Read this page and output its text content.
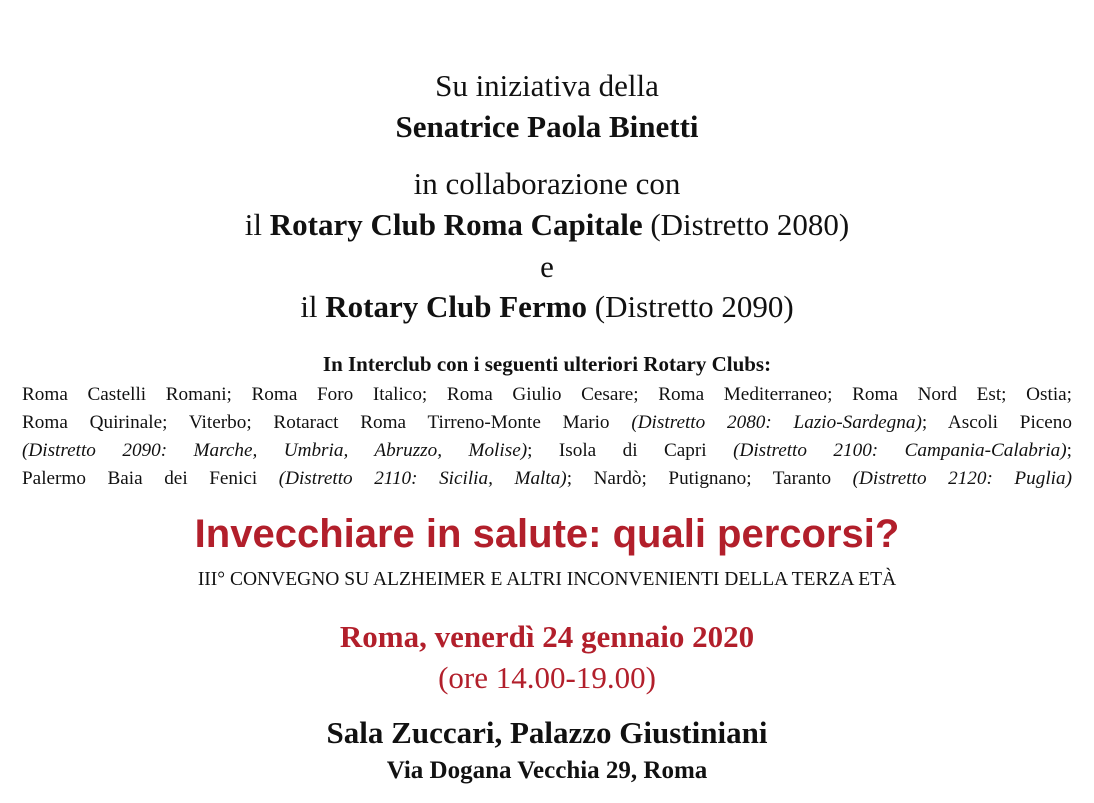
Su iniziativa della
Senatrice Paola Binetti
in collaborazione con
il Rotary Club Roma Capitale (Distretto 2080)
e
il Rotary Club Fermo (Distretto 2090)
In Interclub con i seguenti ulteriori Rotary Clubs:
Roma Castelli Romani; Roma Foro Italico; Roma Giulio Cesare; Roma Mediterraneo; Roma Nord Est; Ostia;
Roma Quirinale; Viterbo; Rotaract Roma Tirreno-Monte Mario (Distretto 2080: Lazio-Sardegna); Ascoli Piceno
(Distretto 2090: Marche, Umbria, Abruzzo, Molise); Isola di Capri (Distretto 2100: Campania-Calabria);
Palermo Baia dei Fenici (Distretto 2110: Sicilia, Malta); Nardò; Putignano; Taranto (Distretto 2120: Puglia)
Invecchiare in salute: quali percorsi?
III° CONVEGNO SU ALZHEIMER E ALTRI INCONVENIENTI DELLA TERZA ETÀ
Roma, venerdì 24 gennaio 2020
(ore 14.00-19.00)
Sala Zuccari, Palazzo Giustiniani
Via Dogana Vecchia 29, Roma
